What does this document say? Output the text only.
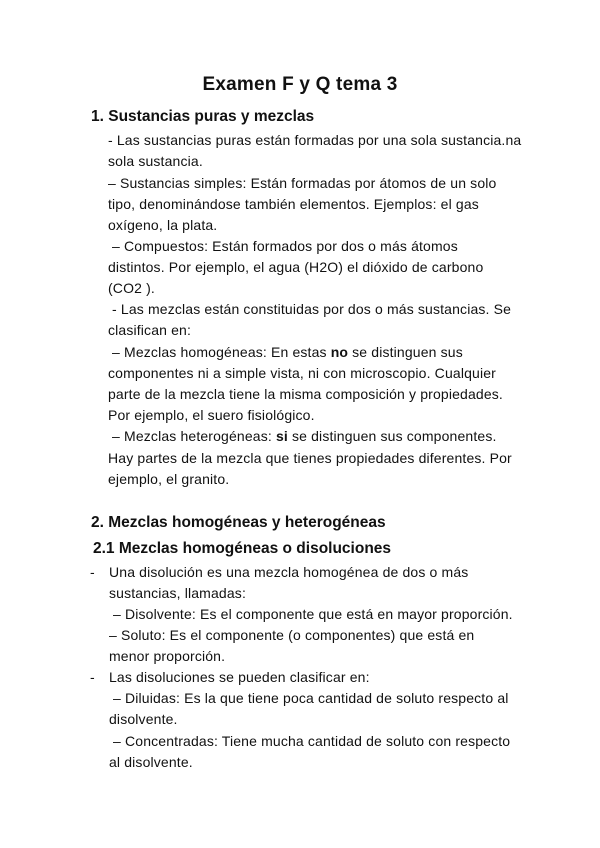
Examen F y Q tema 3
1. Sustancias puras y mezclas
- Las sustancias puras están formadas por una sola sustancia.na
sola sustancia.
– Sustancias simples: Están formadas por átomos de un solo
tipo, denominándose también elementos. Ejemplos: el gas
oxígeno, la plata.
– Compuestos: Están formados por dos o más átomos
distintos. Por ejemplo, el agua (H2O) el dióxido de carbono
(CO2 ).
- Las mezclas están constituidas por dos o más sustancias. Se
clasifican en:
– Mezclas homogéneas: En estas no se distinguen sus
componentes ni a simple vista, ni con microscopio. Cualquier
parte de la mezcla tiene la misma composición y propiedades.
Por ejemplo, el suero fisiológico.
– Mezclas heterogéneas: si se distinguen sus componentes.
Hay partes de la mezcla que tienes propiedades diferentes. Por
ejemplo, el granito.
2. Mezclas homogéneas y heterogéneas
2.1 Mezclas homogéneas o disoluciones
- Una disolución es una mezcla homogénea de dos o más
sustancias, llamadas:
– Disolvente: Es el componente que está en mayor proporción.
– Soluto: Es el componente (o componentes) que está en
menor proporción.
- Las disoluciones se pueden clasificar en:
– Diluidas: Es la que tiene poca cantidad de soluto respecto al
disolvente.
– Concentradas: Tiene mucha cantidad de soluto con respecto
al disolvente.
